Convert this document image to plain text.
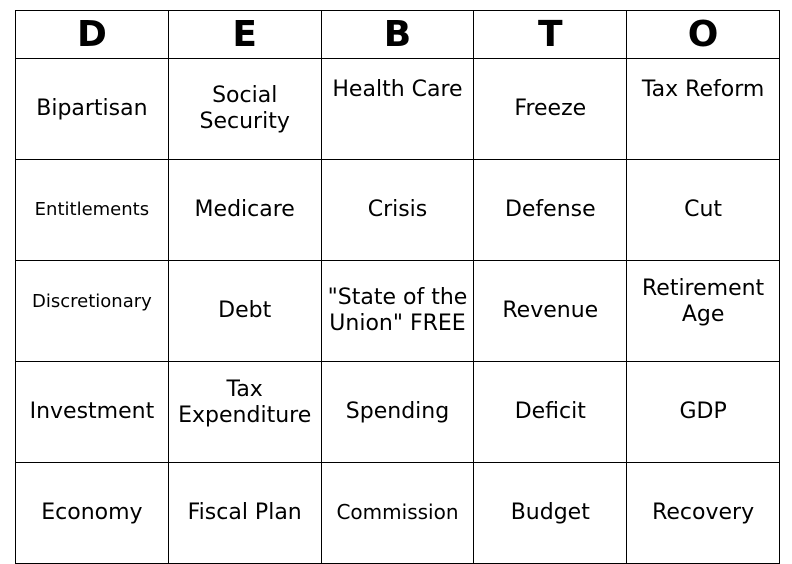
D	E	B	T	O
Bipartisan	Social Security	Health Care	Freeze	Tax Reform
Entitlements	Medicare	Crisis	Defense	Cut
Discretionary	Debt	"State of the Union" FREE	Revenue	Retirement Age
Investment	Tax Expenditure	Spending	Deficit	GDP
Economy	Fiscal Plan	Commission	Budget	Recovery
